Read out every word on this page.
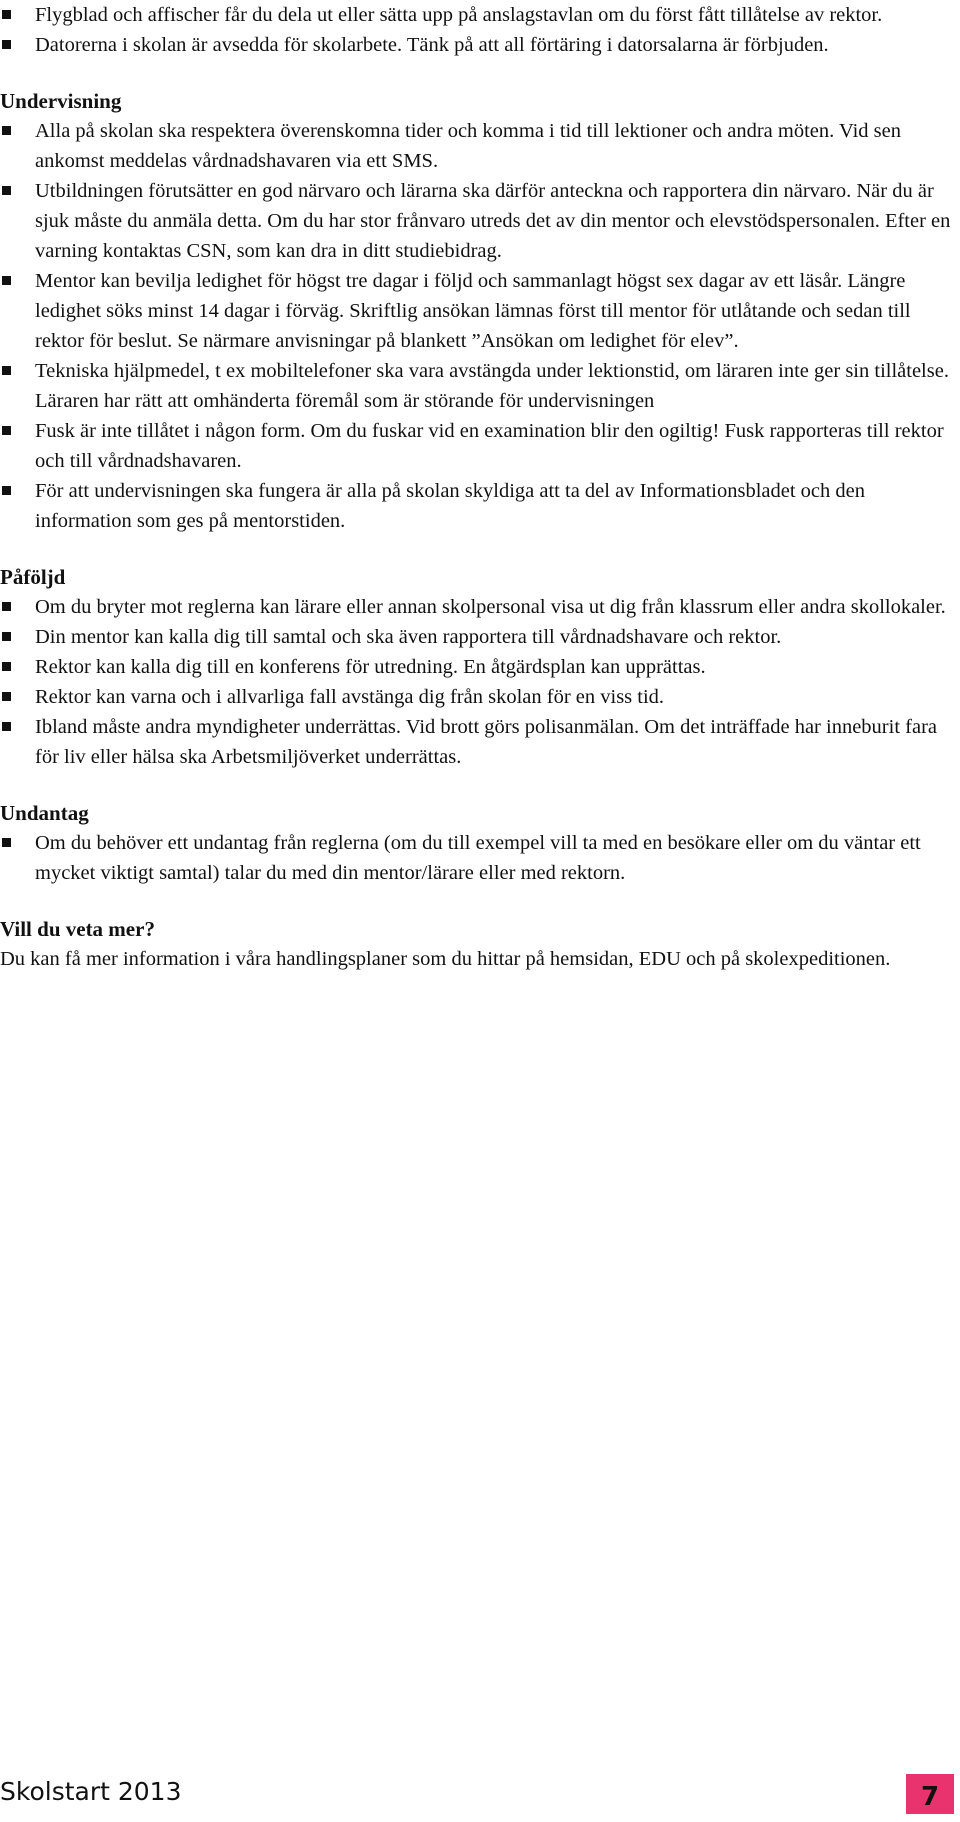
Flygblad och affischer får du dela ut eller sätta upp på anslagstavlan om du först fått tillåtelse av rektor.
Datorerna i skolan är avsedda för skolarbete. Tänk på att all förtäring i datorsalarna är förbjuden.
Undervisning
Alla på skolan ska respektera överenskomna tider och komma i tid till lektioner och andra möten. Vid sen ankomst meddelas vårdnadshavaren via ett SMS.
Utbildningen förutsätter en god närvaro och lärarna ska därför anteckna och rapportera din närvaro. När du är sjuk måste du anmäla detta. Om du har stor frånvaro utreds det av din mentor och elevstödspersonalen. Efter en varning kontaktas CSN, som kan dra in ditt studiebidrag.
Mentor kan bevilja ledighet för högst tre dagar i följd och sammanlagt högst sex dagar av ett läsår. Längre ledighet söks minst 14 dagar i förväg. Skriftlig ansökan lämnas först till mentor för utlåtande och sedan till rektor för beslut. Se närmare anvisningar på blankett ”Ansökan om ledighet för elev”.
Tekniska hjälpmedel, t ex mobiltelefoner ska vara avstängda under lektionstid, om läraren inte ger sin tillåtelse. Läraren har rätt att omhänderta föremål som är störande för undervisningen
Fusk är inte tillåtet i någon form. Om du fuskar vid en examination blir den ogiltig! Fusk rapporteras till rektor och till vårdnadshavaren.
För att undervisningen ska fungera är alla på skolan skyldiga att ta del av Informationsbladet och den information som ges på mentorstiden.
Påföljd
Om du bryter mot reglerna kan lärare eller annan skolpersonal visa ut dig från klassrum eller andra skollokaler.
Din mentor kan kalla dig till samtal och ska även rapportera till vårdnadshavare och rektor.
Rektor kan kalla dig till en konferens för utredning. En åtgärdsplan kan upprättas.
Rektor kan varna och i allvarliga fall avstänga dig från skolan för en viss tid.
Ibland måste andra myndigheter underrättas. Vid brott görs polisanmälan. Om det inträffade har inneburit fara för liv eller hälsa ska Arbetsmiljöverket underrättas.
Undantag
Om du behöver ett undantag från reglerna (om du till exempel vill ta med en besökare eller om du väntar ett mycket viktigt samtal) talar du med din mentor/lärare eller med rektorn.
Vill du veta mer?

Du kan få mer information i våra handlingsplaner som du hittar på hemsidan, EDU och på skolexpeditionen.

Skolstart 2013	7
